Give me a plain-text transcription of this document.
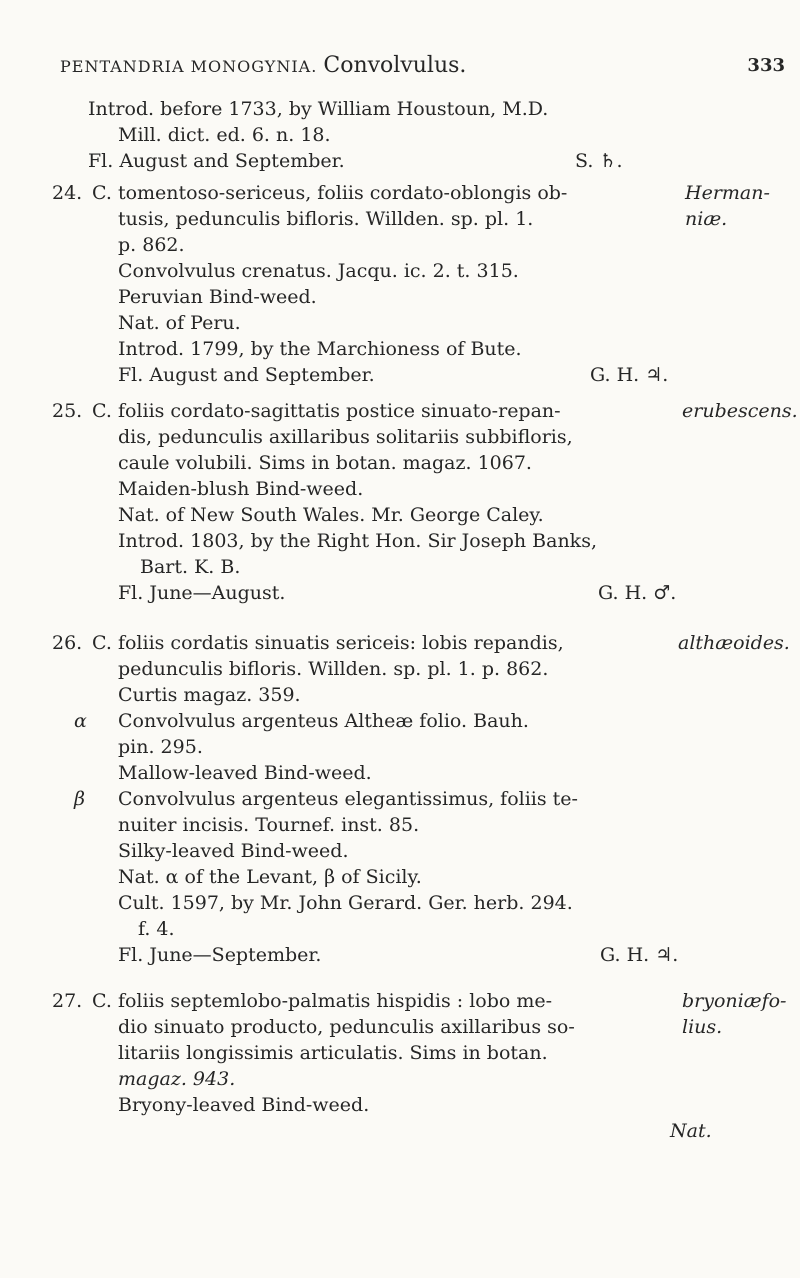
PENTANDRIA MONOGYNIA. Convolvulus.	333
Introd. before 1733, by William Houstoun, M.D.
Mill. dict. ed. 6. n. 18.
Fl. August and September.	S. ♄.
24. C. tomentoso-sericeus, foliis cordato-oblongis ob-	Herman-
tusis, pedunculis bifloris. Willden. sp. pl. 1.	niæ.
p. 862.
Convolvulus crenatus. Jacqu. ic. 2. t. 315.
Peruvian Bind-weed.
Nat. of Peru.
Introd. 1799, by the Marchioness of Bute.
Fl. August and September.	G. H. ♃.
25. C. foliis cordato-sagittatis postice sinuato-repan-	erubescens.
dis, pedunculis axillaribus solitariis subbifloris,
caule volubili. Sims in botan. magaz. 1067.
Maiden-blush Bind-weed.
Nat. of New South Wales. Mr. George Caley.
Introd. 1803, by the Right Hon. Sir Joseph Banks,
Bart. K. B.
Fl. June—August.	G. H. ♂.
26. C. foliis cordatis sinuatis sericeis: lobis repandis,	althæoides.
pedunculis bifloris. Willden. sp. pl. 1. p. 862.
Curtis magaz. 359.
α Convolvulus argenteus Altheæ folio. Bauh.
pin. 295.
Mallow-leaved Bind-weed.
β Convolvulus argenteus elegantissimus, foliis te-
nuiter incisis. Tournef. inst. 85.
Silky-leaved Bind-weed.
Nat. α of the Levant, β of Sicily.
Cult. 1597, by Mr. John Gerard. Ger. herb. 294.
f. 4.
Fl. June—September.	G. H. ♃.
27. C. foliis septemlobo-palmatis hispidis : lobo me-	bryoniæfo-
dio sinuato producto, pedunculis axillaribus so-	lius.
litariis longissimis articulatis. Sims in botan.
magaz. 943.
Bryony-leaved Bind-weed.
Nat.
